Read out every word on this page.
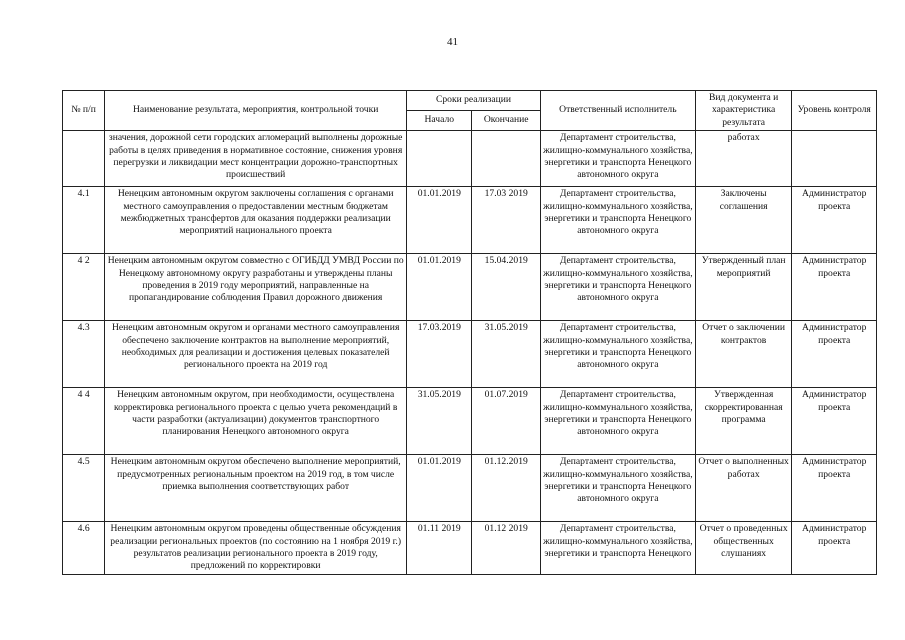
41
№ п/п	Наименование результата, мероприятия, контрольной точки	Сроки реализации		Ответственный исполнитель	Вид документа и характеристика результата	Уровень контроля
		Начало	Окончание			
	значения, дорожной сети городских агломераций выполнены дорожные работы в целях приведения в нормативное состояние, снижения уровня перегрузки и ликвидации мест концентрации дорожно-транспортных происшествий			Департамент строительства, жилищно-коммунального хозяйства, энергетики и транспорта Ненецкого автономного округа	работах	
4.1	Ненецким автономным округом заключены соглашения с органами местного самоуправления о предоставлении местным бюджетам межбюджетных трансфертов для оказания поддержки реализации мероприятий национального проекта	01.01.2019	17.03 2019	Департамент строительства, жилищно-коммунального хозяйства, энергетики и транспорта Ненецкого автономного округа	Заключены соглашения	Администратор проекта
4 2	Ненецким автономным округом совместно с ОГИБДД УМВД России по Ненецкому автономному округу разработаны и утверждены планы проведения в 2019 году мероприятий, направленные на пропагандирование соблюдения Правил дорожного движения	01.01.2019	15.04.2019	Департамент строительства, жилищно-коммунального хозяйства, энергетики и транспорта Ненецкого автономного округа	Утвержденный план мероприятий	Администратор проекта
4.3	Ненецким автономным округом и органами местного самоуправления обеспечено заключение контрактов на выполнение мероприятий, необходимых для реализации и достижения целевых показателей регионального проекта на 2019 год	17.03.2019	31.05.2019	Департамент строительства, жилищно-коммунального хозяйства, энергетики и транспорта Ненецкого автономного округа	Отчет о заключении контрактов	Администратор проекта
4 4	Ненецким автономным округом, при необходимости, осуществлена корректировка регионального проекта с целью учета рекомендаций в части разработки (актуализации) документов транспортного планирования Ненецкого автономного округа	31.05.2019	01.07.2019	Департамент строительства, жилищно-коммунального хозяйства, энергетики и транспорта Ненецкого автономного округа	Утвержденная скорректированная программа	Администратор проекта
4.5	Ненецким автономным округом обеспечено выполнение мероприятий, предусмотренных региональным проектом на 2019 год, в том числе приемка выполнения соответствующих работ	01.01.2019	01.12.2019	Департамент строительства, жилищно-коммунального хозяйства, энергетики и транспорта Ненецкого автономного округа	Отчет о выполненных работах	Администратор проекта
4.6	Ненецким автономным округом проведены общественные обсуждения реализации региональных проектов (по состоянию на 1 ноября 2019 г.) результатов реализации регионального проекта в 2019 году, предложений по корректировки	01.11 2019	01.12 2019	Департамент строительства, жилищно-коммунального хозяйства, энергетики и транспорта Ненецкого	Отчет о проведенных общественных слушаниях	Администратор проекта
